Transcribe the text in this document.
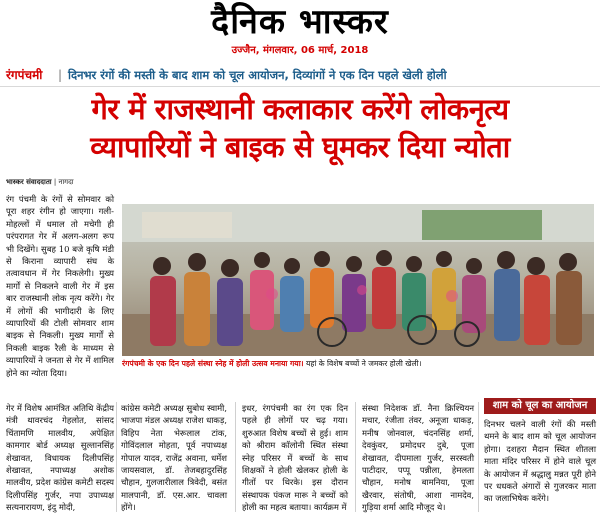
दैनिक भास्कर
उज्जैन, मंगलवार, 06 मार्च, 2018
रंगपंचमी | दिनभर रंगों की मस्ती के बाद शाम को चूल आयोजन, दिव्यांगों ने एक दिन पहले खेली होली
गेर में राजस्थानी कलाकार करेंगे लोकनृत्य
व्यापारियों ने बाइक से घूमकर दिया न्योता
भास्कर संवाददाता | नागदा
रंग पंचमी के रंगों से सोमवार को पूरा शहर रंगीन हो जाएगा। गली-मोहल्लों में धमाल तो मचेगी ही परंपरागत गेर में अलग-अलग रूप भी दिखेंगे। सुबह 10 बजे कृषि मंडी से किराना व्यापारी संघ के तत्वावधान में गेर निकलेगी। मुख्य मार्गों से निकलने वाली गेर में इस बार राजस्थानी लोक नृत्य करेंगे। गेर में लोगों की भागीदारी के लिए व्यापारियों की टोली सोमवार शाम बाइक से निकली। मुख्य मार्गों से निकली बाइक रैली के माध्यम से व्यापारियों ने जनता से गेर में शामिल होने का न्योता दिया।
रंगपंचमी के एक दिन पहले संस्था स्नेह में होली उत्सव मनाया गया। यहां के विशेष बच्चों ने जमकर होली खेली।
गेर में विशेष आमंत्रित अतिथि केंद्रीय मंत्री थावरचंद गेहलोत, सांसद चिंतामणि मालवीय, अपेक्षित कामगार बोर्ड अध्यक्ष सुल्तानसिंह शेखावत, विधायक दिलीपसिंह शेखावत, नपाध्यक्ष अशोक मालवीय, प्रदेश कांग्रेस कमेटी सदस्य दिलीपसिंह गुर्जर, नपा उपाध्यक्ष सत्यनारायण, इंदु मोदी,
कांग्रेस कमेटी अध्यक्ष सुबोध स्वामी, भाजपा मंडल अध्यक्ष राजेश धाकड़, विहिप नेता भेरूलाल टांक, गोविंदलाल मोहता, पूर्व नपाध्यक्ष गोपाल यादव, राजेंद्र अवाना, धर्मेश जायसवाल, डॉ. तेजबहादुरसिंह चौहान, गुलजारीलाल त्रिवेदी, बसंत मालपानी, डॉ. एस.आर. चावला होंगे।
इधर, रंगपंचमी का रंग एक दिन पहले ही लोगों पर चढ़ गया। शुरुआत विशेष बच्चों से हुई। शाम को श्रीराम कॉलोनी स्थित संस्था स्नेह परिसर में बच्चों के साथ शिक्षकों ने होली खेलकर होली के गीतों पर थिरके। इस दौरान संस्थापक पंकज मारू ने बच्चों को होली का महत्व बताया। कार्यक्रम में
संस्था निदेशक डॉ. नैना क्रिश्चियन मचार, रंजीता तंवर, अनूजा धाकड़, मनीष जोनवाल, चंदनसिंह शर्मा, देवकुंवर, प्रमोदधर दुबे, पूजा शेखावत, दीपमाला गुर्जर, सरस्वती पाटीदार, पप्पू पन्नीला, हेमलता चौहान, मनोष बामनिया, पूजा खैरवार, संतोषी, आशा नामदेव, गुड़िया शर्मा आदि मौजूद थे।
शाम को चूल का आयोजन
दिनभर चलने वाली रंगों की मस्ती थमने के बाद शाम को चूल आयोजन होगा। दशहरा मैदान स्थित शीतला माता मंदिर परिसर में होने वाले चूल के आयोजन में श्रद्धालु मन्नत पूरी होने पर धधकते अंगारों से गुजरकर माता का जलाभिषेक करेंगे।
